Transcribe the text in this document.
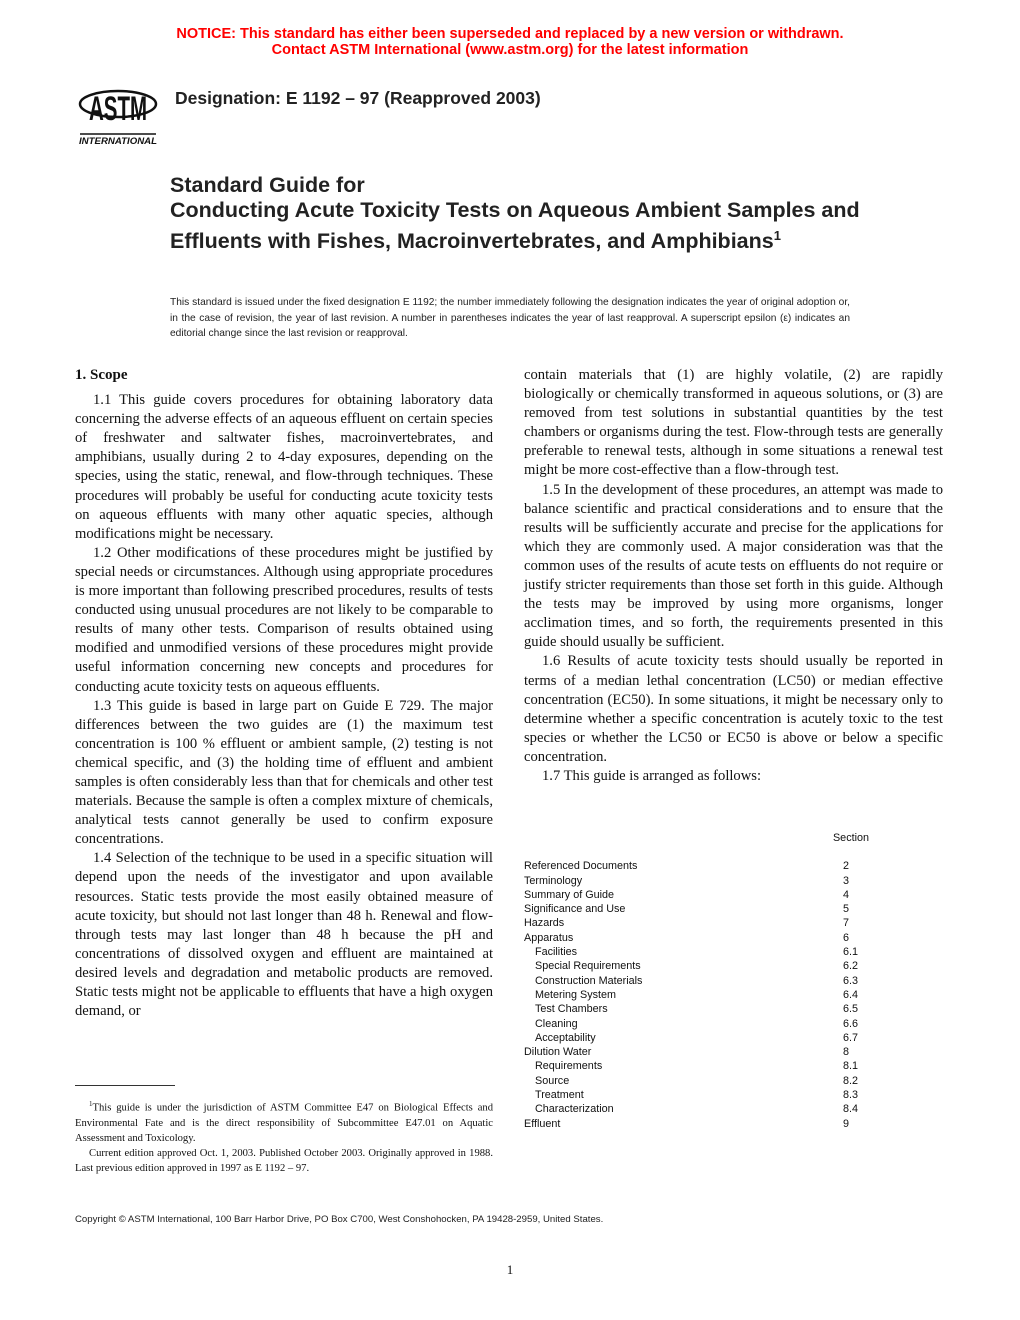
NOTICE: This standard has either been superseded and replaced by a new version or withdrawn.
Contact ASTM International (www.astm.org) for the latest information
ASTM
INTERNATIONAL
Designation: E 1192 – 97 (Reapproved 2003)
Standard Guide for
Conducting Acute Toxicity Tests on Aqueous Ambient Samples and Effluents with Fishes, Macroinvertebrates, and Amphibians$^1$
This standard is issued under the fixed designation E 1192; the number immediately following the designation indicates the year of original adoption or, in the case of revision, the year of last revision. A number in parentheses indicates the year of last reapproval. A superscript epsilon (ε) indicates an editorial change since the last revision or reapproval.

1. Scope

1.1 This guide covers procedures for obtaining laboratory data concerning the adverse effects of an aqueous effluent on certain species of freshwater and saltwater fishes, macroinvertebrates, and amphibians, usually during 2 to 4-day exposures, depending on the species, using the static, renewal, and flow-through techniques. These procedures will probably be useful for conducting acute toxicity tests on aqueous effluents with many other aquatic species, although modifications might be necessary.

1.2 Other modifications of these procedures might be justified by special needs or circumstances. Although using appropriate procedures is more important than following prescribed procedures, results of tests conducted using unusual procedures are not likely to be comparable to results of many other tests. Comparison of results obtained using modified and unmodified versions of these procedures might provide useful information concerning new concepts and procedures for conducting acute toxicity tests on aqueous effluents.

1.3 This guide is based in large part on Guide E 729. The major differences between the two guides are (1) the maximum test concentration is 100 % effluent or ambient sample, (2) testing is not chemical specific, and (3) the holding time of effluent and ambient samples is often considerably less than that for chemicals and other test materials. Because the sample is often a complex mixture of chemicals, analytical tests cannot generally be used to confirm exposure concentrations.

1.4 Selection of the technique to be used in a specific situation will depend upon the needs of the investigator and upon available resources. Static tests provide the most easily obtained measure of acute toxicity, but should not last longer than 48 h. Renewal and flow-through tests may last longer than 48 h because the pH and concentrations of dissolved oxygen and effluent are maintained at desired levels and degradation and metabolic products are removed. Static tests might not be applicable to effluents that have a high oxygen demand, or

contain materials that (1) are highly volatile, (2) are rapidly biologically or chemically transformed in aqueous solutions, or (3) are removed from test solutions in substantial quantities by the test chambers or organisms during the test. Flow-through tests are generally preferable to renewal tests, although in some situations a renewal test might be more cost-effective than a flow-through test.

1.5 In the development of these procedures, an attempt was made to balance scientific and practical considerations and to ensure that the results will be sufficiently accurate and precise for the applications for which they are commonly used. A major consideration was that the common uses of the results of acute tests on effluents do not require or justify stricter requirements than those set forth in this guide. Although the tests may be improved by using more organisms, longer acclimation times, and so forth, the requirements presented in this guide should usually be sufficient.

1.6 Results of acute toxicity tests should usually be reported in terms of a median lethal concentration (LC50) or median effective concentration (EC50). In some situations, it might be necessary only to determine whether a specific concentration is acutely toxic to the test species or whether the LC50 or EC50 is above or below a specific concentration.

1.7 This guide is arranged as follows:

Section
Referenced Documents	2
Terminology	3
Summary of Guide	4
Significance and Use	5
Hazards	7
Apparatus	6
Facilities	6.1
Special Requirements	6.2
Construction Materials	6.3
Metering System	6.4
Test Chambers	6.5
Cleaning	6.6
Acceptability	6.7
Dilution Water	8
Requirements	8.1
Source	8.2
Treatment	8.3
Characterization	8.4
Effluent	9

$^1$This guide is under the jurisdiction of ASTM Committee E47 on Biological Effects and Environmental Fate and is the direct responsibility of Subcommittee E47.01 on Aquatic Assessment and Toxicology.

Current edition approved Oct. 1, 2003. Published October 2003. Originally approved in 1988. Last previous edition approved in 1997 as E 1192 – 97.

Copyright © ASTM International, 100 Barr Harbor Drive, PO Box C700, West Conshohocken, PA 19428-2959, United States.
1
